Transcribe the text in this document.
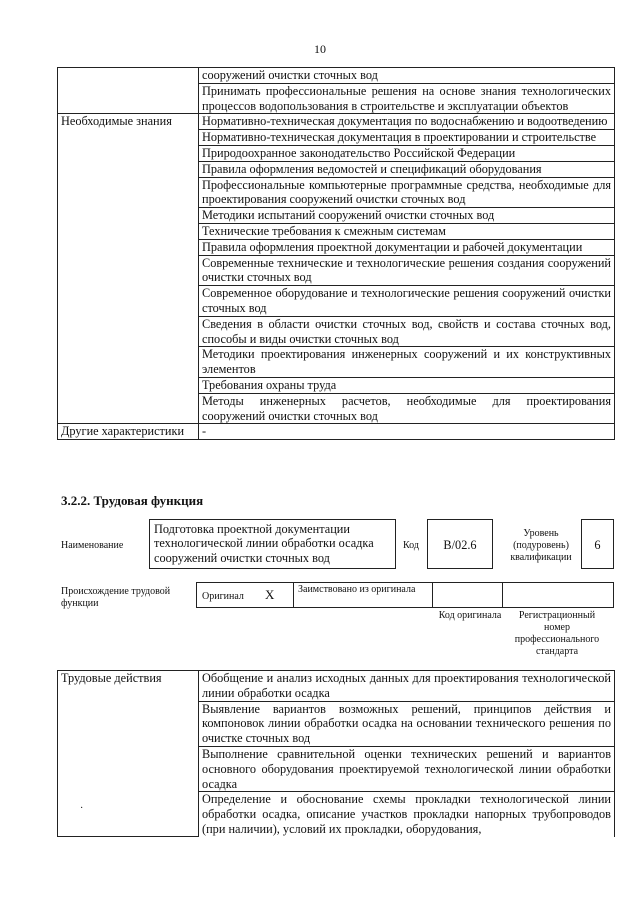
10
	сооружений очистки сточных вод
	Принимать профессиональные решения на основе знания технологических процессов водопользования в строительстве и эксплуатации объектов
Необходимые знания	Нормативно-техническая документация по водоснабжению и водоотведению
	Нормативно-техническая документация в проектировании и строительстве
	Природоохранное законодательство Российской Федерации
	Правила оформления ведомостей и спецификаций оборудования
	Профессиональные компьютерные программные средства, необходимые для проектирования сооружений очистки сточных вод
	Методики испытаний сооружений очистки сточных вод
	Технические требования к смежным системам
	Правила оформления проектной документации и рабочей документации
	Современные технические и технологические решения создания сооружений очистки сточных вод
	Современное оборудование и технологические решения сооружений очистки сточных вод
	Сведения в области очистки сточных вод, свойств и состава сточных вод, способы и виды очистки сточных вод
	Методики проектирования инженерных сооружений и их конструктивных элементов
	Требования охраны труда
	Методы инженерных расчетов, необходимые для проектирования сооружений очистки сточных вод
Другие характеристики	-
3.2.2. Трудовая функция
Наименование
Подготовка проектной документации технологической линии обработки осадка сооружений очистки сточных вод
Код	B/02.6
Уровень (подуровень) квалификации
6
Происхождение трудовой функции
Оригинал X Заимствовано из оригинала
Код оригинала	Регистрационный номер профессионального стандарта
Трудовые действия	Обобщение и анализ исходных данных для проектирования технологической линии обработки осадка
Выявление вариантов возможных решений, принципов действия и компоновок линии обработки осадка на основании технического решения по очистке сточных вод
Выполнение сравнительной оценки технических решений и вариантов основного оборудования проектируемой технологической линии обработки осадка
Определение и обоснование схемы прокладки технологической линии обработки осадка, описание участков прокладки напорных трубопроводов (при наличии), условий их прокладки, оборудования,
·
